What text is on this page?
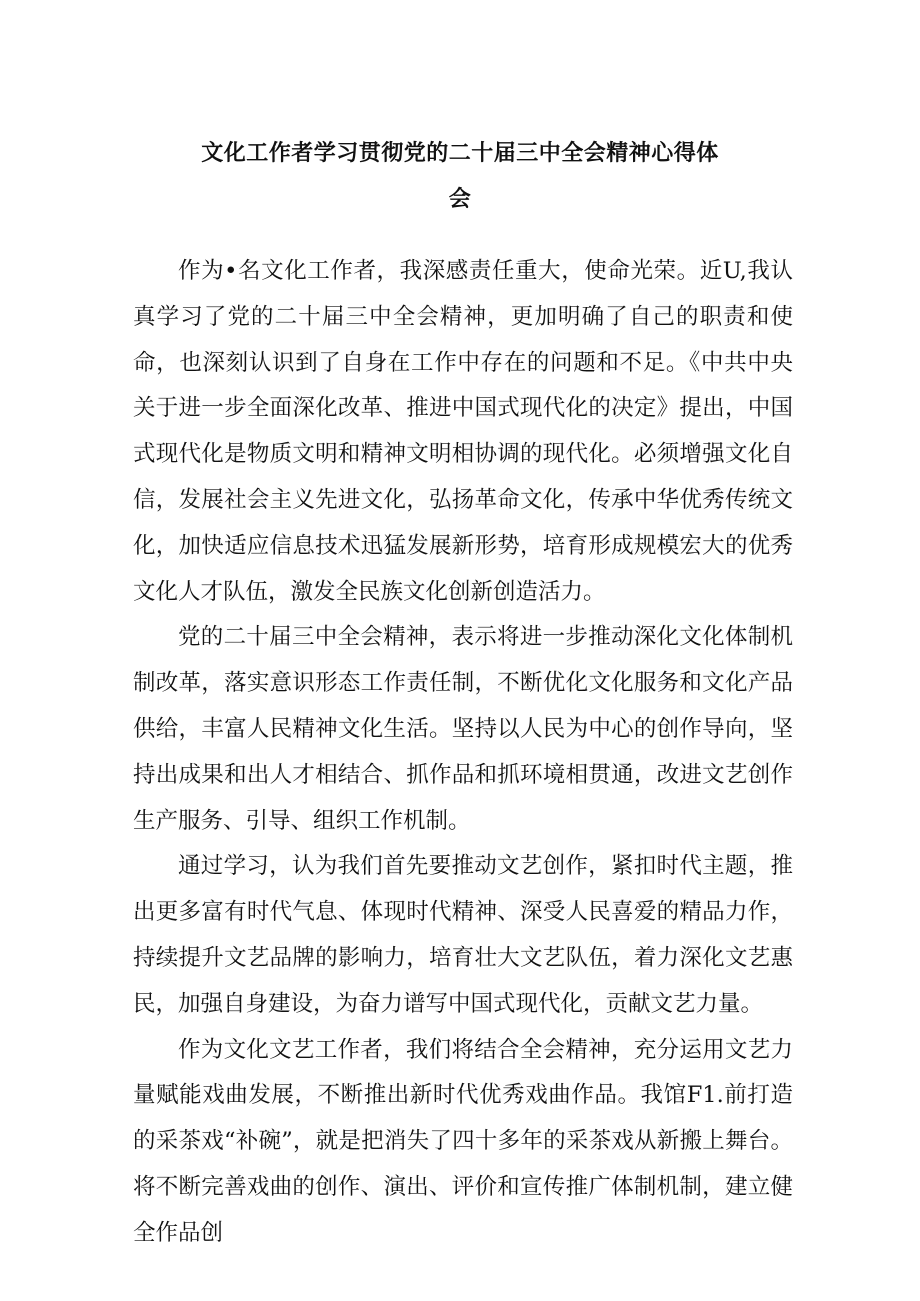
文化工作者学习贯彻党的二十届三中全会精神心得体
会

作为•名文化工作者，我深感责任重大，使命光荣。近U,我认真学习了党的二十届三中全会精神，更加明确了自己的职责和使命，也深刻认识到了自身在工作中存在的问题和不足。《中共中央关于进一步全面深化改革、推进中国式现代化的决定》提出，中国式现代化是物质文明和精神文明相协调的现代化。必须增强文化自信，发展社会主义先进文化，弘扬革命文化，传承中华优秀传统文化，加快适应信息技术迅猛发展新形势，培育形成规模宏大的优秀文化人才队伍，激发全民族文化创新创造活力。

党的二十届三中全会精神，表示将进一步推动深化文化体制机制改革，落实意识形态工作责任制，不断优化文化服务和文化产品供给，丰富人民精神文化生活。坚持以人民为中心的创作导向，坚持出成果和出人才相结合、抓作品和抓环境相贯通，改进文艺创作生产服务、引导、组织工作机制。

通过学习，认为我们首先要推动文艺创作，紧扣时代主题，推出更多富有时代气息、体现时代精神、深受人民喜爱的精品力作，持续提升文艺品牌的影响力，培育壮大文艺队伍，着力深化文艺惠民，加强自身建设，为奋力谱写中国式现代化，贡献文艺力量。

作为文化文艺工作者，我们将结合全会精神，充分运用文艺力量赋能戏曲发展，不断推出新时代优秀戏曲作品。我馆F1.前打造的采茶戏“补碗”，就是把消失了四十多年的采茶戏从新搬上舞台。将不断完善戏曲的创作、演出、评价和宣传推广体制机制，建立健全作品创
